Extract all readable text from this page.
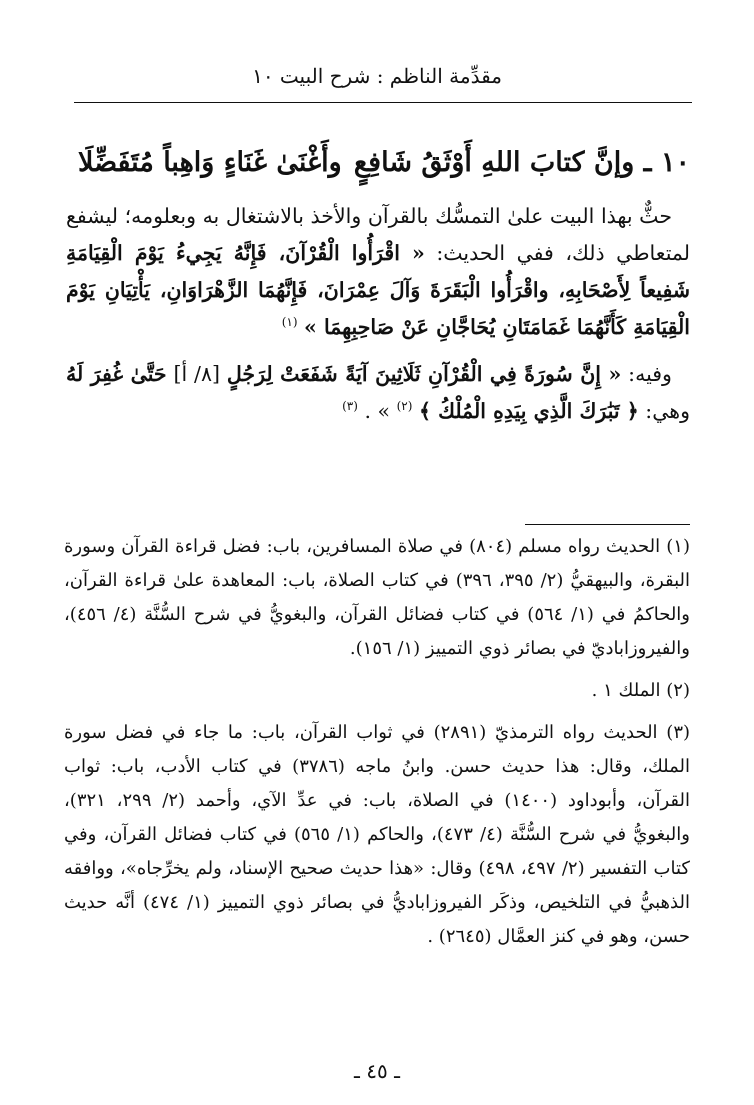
مقدِّمة الناظم : شرح البيت ١٠
١٠ ـ وإنَّ كتابَ اللهِ أَوْثَقُ شَافِعٍ
وأَغْنَىٰ غَنَاءٍ وَاهِباً مُتَفَضِّلَا

حثٌّ بهذا البيت علىٰ التمسُّك بالقرآن والأخذ بالاشتغال به وبعلومه؛ ليشفع لمتعاطي ذلك، ففي الحديث: « اقْرَأُوا الْقُرْآنَ، فَإِنَّهُ يَجِيءُ يَوْمَ الْقِيَامَةِ شَفِيعاً لِأَصْحَابِهِ، واقْرَأُوا الْبَقَرَةَ وَآلَ عِمْرَانَ، فَإِنَّهُمَا الزَّهْرَاوَانِ، يَأْتِيَانِ يَوْمَ الْقِيَامَةِ كَأَنَّهُمَا غَمَامَتَانِ يُحَاجَّانِ عَنْ صَاحِبِهِمَا » $^{(١)}$

وفيه: « إِنَّ سُورَةً فِي الْقُرْآنِ ثَلَاثِينَ آيَةً شَفَعَتْ لِرَجُلٍ [٨/ أ] حَتَّىٰ غُفِرَ لَهُ وهي: ﴿ تَبَٰرَكَ الَّذِي بِيَدِهِ الْمُلْكُ ﴾ $^{(٢)}$ » . $^{(٣)}$

(١) الحديث رواه مسلم (٨٠٤) في صلاة المسافرين، باب: فضل قراءة القرآن وسورة البقرة، والبيهقيُّ (٢/ ٣٩٥، ٣٩٦) في كتاب الصلاة، باب: المعاهدة علىٰ قراءة القرآن، والحاكمُ في (١/ ٥٦٤) في كتاب فضائل القرآن، والبغويُّ في شرح السُّنَّة (٤/ ٤٥٦)، والفيروزاباديّ في بصائر ذوي التمييز (١/ ١٥٦).

(٢) الملك ١ .

(٣) الحديث رواه الترمذيّ (٢٨٩١) في ثواب القرآن، باب: ما جاء في فضل سورة الملك، وقال: هذا حديث حسن. وابنُ ماجه (٣٧٨٦) في كتاب الأدب، باب: ثواب القرآن، وأبوداود (١٤٠٠) في الصلاة، باب: في عدِّ الآي، وأحمد (٢/ ٢٩٩، ٣٢١)، والبغويُّ في شرح السُّنَّة (٤/ ٤٧٣)، والحاكم (١/ ٥٦٥) في كتاب فضائل القرآن، وفي كتاب التفسير (٢/ ٤٩٧، ٤٩٨) وقال: «هذا حديث صحيح الإسناد، ولم يخرِّجاه»، ووافقه الذهبيُّ في التلخيص، وذكَر الفيروزاباديُّ في بصائر ذوي التمييز (١/ ٤٧٤) أنَّه حديث حسن، وهو في كنز العمَّال (٢٦٤٥) .

ـ ٤٥ ـ
